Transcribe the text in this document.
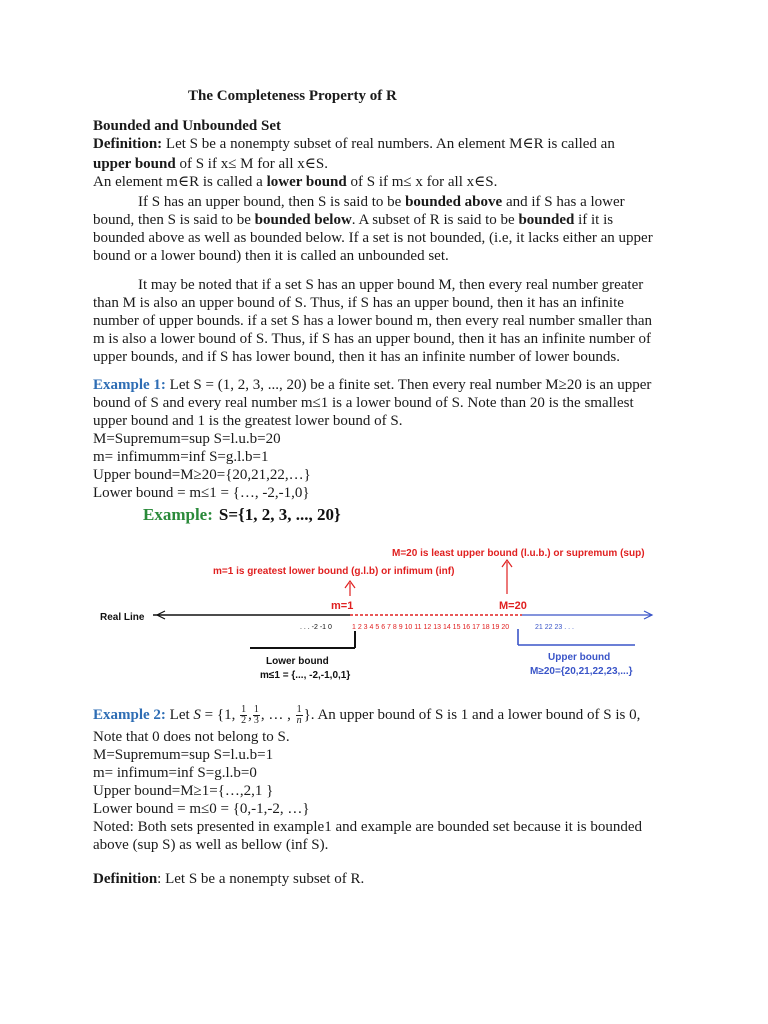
The Completeness Property of R
Bounded and Unbounded Set
Definition: Let S be a nonempty subset of real numbers. An element M∈R is called an
upper bound of S if x≤ M for all x∈S.
An element m∈R is called a lower bound of S if m≤ x for all x∈S.
If S has an upper bound, then S is said to be bounded above and if S has a lower
bound, then S is said to be bounded below. A subset of R is said to be bounded if it is
bounded above as well as bounded below. If a set is not bounded, (i.e, it lacks either an upper
bound or a lower bound) then it is called an unbounded set.
It may be noted that if a set S has an upper bound M, then every real number greater
than M is also an upper bound of S. Thus, if S has an upper bound, then it has an infinite
number of upper bounds. if a set S has a lower bound m, then every real number smaller than
m is also a lower bound of S. Thus, if S has an upper bound, then it has an infinite number of
upper bounds, and if S has lower bound, then it has an infinite number of lower bounds.
Example 1: Let S = (1, 2, 3, ..., 20) be a finite set. Then every real number M≥20 is an upper
bound of S and every real number m≤1 is a lower bound of S. Note than 20 is the smallest
upper bound and 1 is the greatest lower bound of S.
M=Supremum=sup S=l.u.b=20
m= infimumm=inf S=g.l.b=1
Upper bound=M≥20={20,21,22,…}
Lower bound = m≤1 = {…, -2,-1,0}
Example: S={1, 2, 3, ..., 20}
M=20 is least upper bound (l.u.b.) or supremum (sup)
m=1 is greatest lower bound (g.l.b) or infimum (inf)
m=1	M=20
Real Line
. . . -2 -1 0	1 2 3 4 5 6 7 8 9 10 11 12 13 14 15 16 17 18 19 20	21 22 23 . . .
Lower bound
m≤1 = {..., -2,-1,0,1}
Upper bound
M≥20={20,21,22,23,...}
Example 2: Let S = {1, $\frac{1}{2}$ , $\frac{1}{3}$ , … , $\frac{1}{n}$ }. An upper bound of S is 1 and a lower bound of S is 0,
Note that 0 does not belong to S.
M=Supremum=sup S=l.u.b=1
m= infimum=inf S=g.l.b=0
Upper bound=M≥1={…,2,1 }
Lower bound = m≤0 = {0,-1,-2, …}
Noted: Both sets presented in example1 and example are bounded set because it is bounded
above (sup S) as well as bellow (inf S).
Definition: Let S be a nonempty subset of R.
